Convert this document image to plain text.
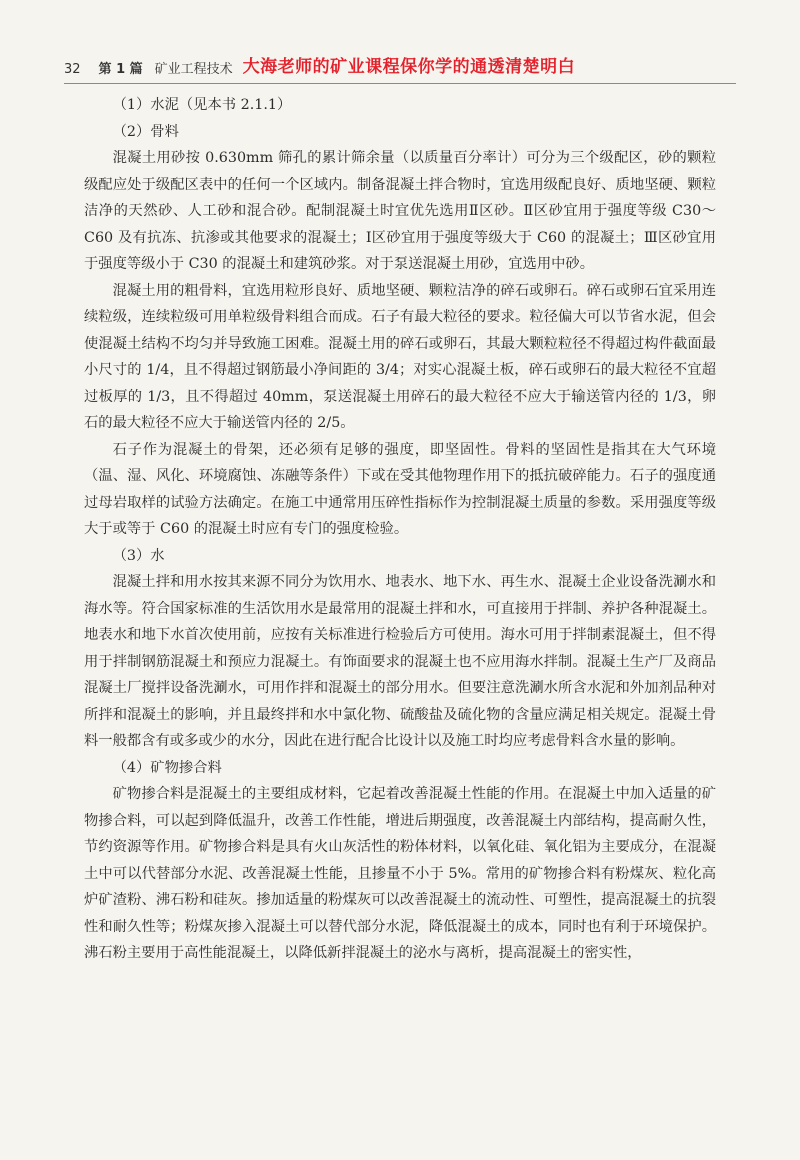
32 第 1 篇 矿业工程技术 大海老师的矿业课程保你学的通透清楚明白

（1）水泥（见本书 2.1.1）

（2）骨料

混凝土用砂按 0.630mm 筛孔的累计筛余量（以质量百分率计）可分为三个级配区，砂的颗粒级配应处于级配区表中的任何一个区域内。制备混凝土拌合物时，宜选用级配良好、质地坚硬、颗粒洁净的天然砂、人工砂和混合砂。配制混凝土时宜优先选用Ⅱ区砂。Ⅱ区砂宜用于强度等级 C30～C60 及有抗冻、抗渗或其他要求的混凝土；Ⅰ区砂宜用于强度等级大于 C60 的混凝土；Ⅲ区砂宜用于强度等级小于 C30 的混凝土和建筑砂浆。对于泵送混凝土用砂，宜选用中砂。

混凝土用的粗骨料，宜选用粒形良好、质地坚硬、颗粒洁净的碎石或卵石。碎石或卵石宜采用连续粒级，连续粒级可用单粒级骨料组合而成。石子有最大粒径的要求。粒径偏大可以节省水泥，但会使混凝土结构不均匀并导致施工困难。混凝土用的碎石或卵石，其最大颗粒粒径不得超过构件截面最小尺寸的 1/4，且不得超过钢筋最小净间距的 3/4；对实心混凝土板，碎石或卵石的最大粒径不宜超过板厚的 1/3，且不得超过 40mm，泵送混凝土用碎石的最大粒径不应大于输送管内径的 1/3，卵石的最大粒径不应大于输送管内径的 2/5。

石子作为混凝土的骨架，还必须有足够的强度，即坚固性。骨料的坚固性是指其在大气环境（温、湿、风化、环境腐蚀、冻融等条件）下或在受其他物理作用下的抵抗破碎能力。石子的强度通过母岩取样的试验方法确定。在施工中通常用压碎性指标作为控制混凝土质量的参数。采用强度等级大于或等于 C60 的混凝土时应有专门的强度检验。

（3）水

混凝土拌和用水按其来源不同分为饮用水、地表水、地下水、再生水、混凝土企业设备洗涮水和海水等。符合国家标准的生活饮用水是最常用的混凝土拌和水，可直接用于拌制、养护各种混凝土。地表水和地下水首次使用前，应按有关标准进行检验后方可使用。海水可用于拌制素混凝土，但不得用于拌制钢筋混凝土和预应力混凝土。有饰面要求的混凝土也不应用海水拌制。混凝土生产厂及商品混凝土厂搅拌设备洗涮水，可用作拌和混凝土的部分用水。但要注意洗涮水所含水泥和外加剂品种对所拌和混凝土的影响，并且最终拌和水中氯化物、硫酸盐及硫化物的含量应满足相关规定。混凝土骨料一般都含有或多或少的水分，因此在进行配合比设计以及施工时均应考虑骨料含水量的影响。

（4）矿物掺合料

矿物掺合料是混凝土的主要组成材料，它起着改善混凝土性能的作用。在混凝土中加入适量的矿物掺合料，可以起到降低温升，改善工作性能，增进后期强度，改善混凝土内部结构，提高耐久性，节约资源等作用。矿物掺合料是具有火山灰活性的粉体材料，以氧化硅、氧化铝为主要成分，在混凝土中可以代替部分水泥、改善混凝土性能，且掺量不小于 5%。常用的矿物掺合料有粉煤灰、粒化高炉矿渣粉、沸石粉和硅灰。掺加适量的粉煤灰可以改善混凝土的流动性、可塑性，提高混凝土的抗裂性和耐久性等；粉煤灰掺入混凝土可以替代部分水泥，降低混凝土的成本，同时也有利于环境保护。沸石粉主要用于高性能混凝土，以降低新拌混凝土的泌水与离析，提高混凝土的密实性，
